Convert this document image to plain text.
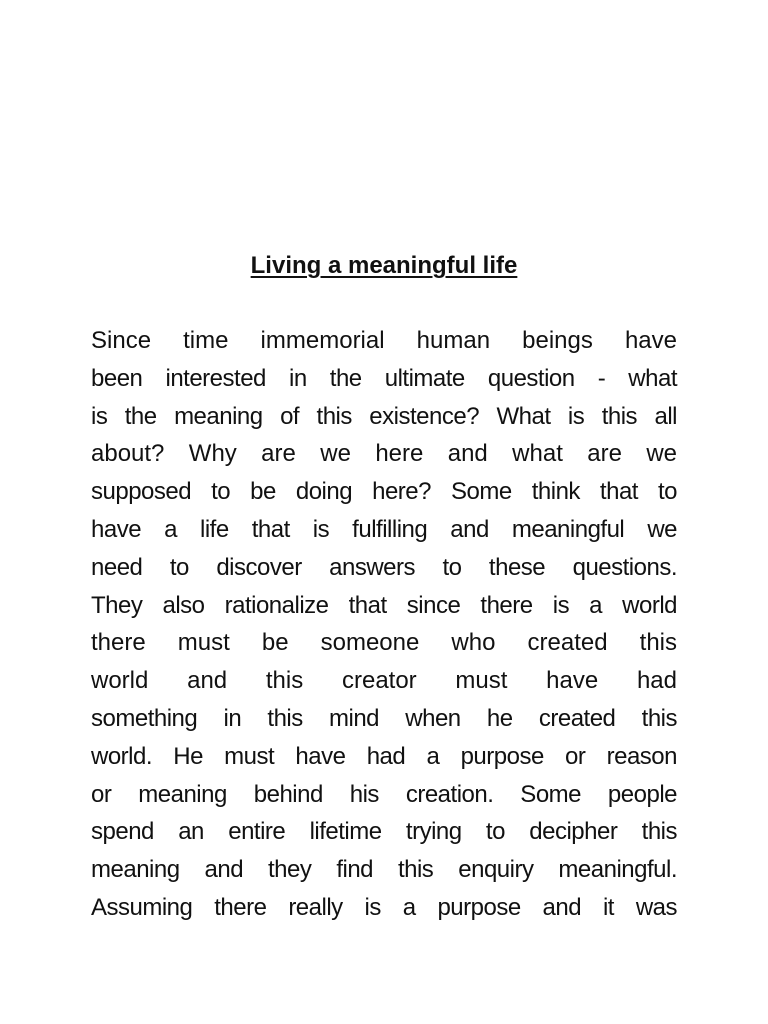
Living a meaningful life
Since time immemorial human beings have
been interested in the ultimate question - what
is the meaning of this existence? What is this all
about? Why are we here and what are we
supposed to be doing here? Some think that to
have a life that is fulfilling and meaningful we
need to discover answers to these questions.
They also rationalize that since there is a world
there must be someone who created this
world and this creator must have had
something in this mind when he created this
world. He must have had a purpose or reason
or meaning behind his creation. Some people
spend an entire lifetime trying to decipher this
meaning and they find this enquiry meaningful.
Assuming there really is a purpose and it was
